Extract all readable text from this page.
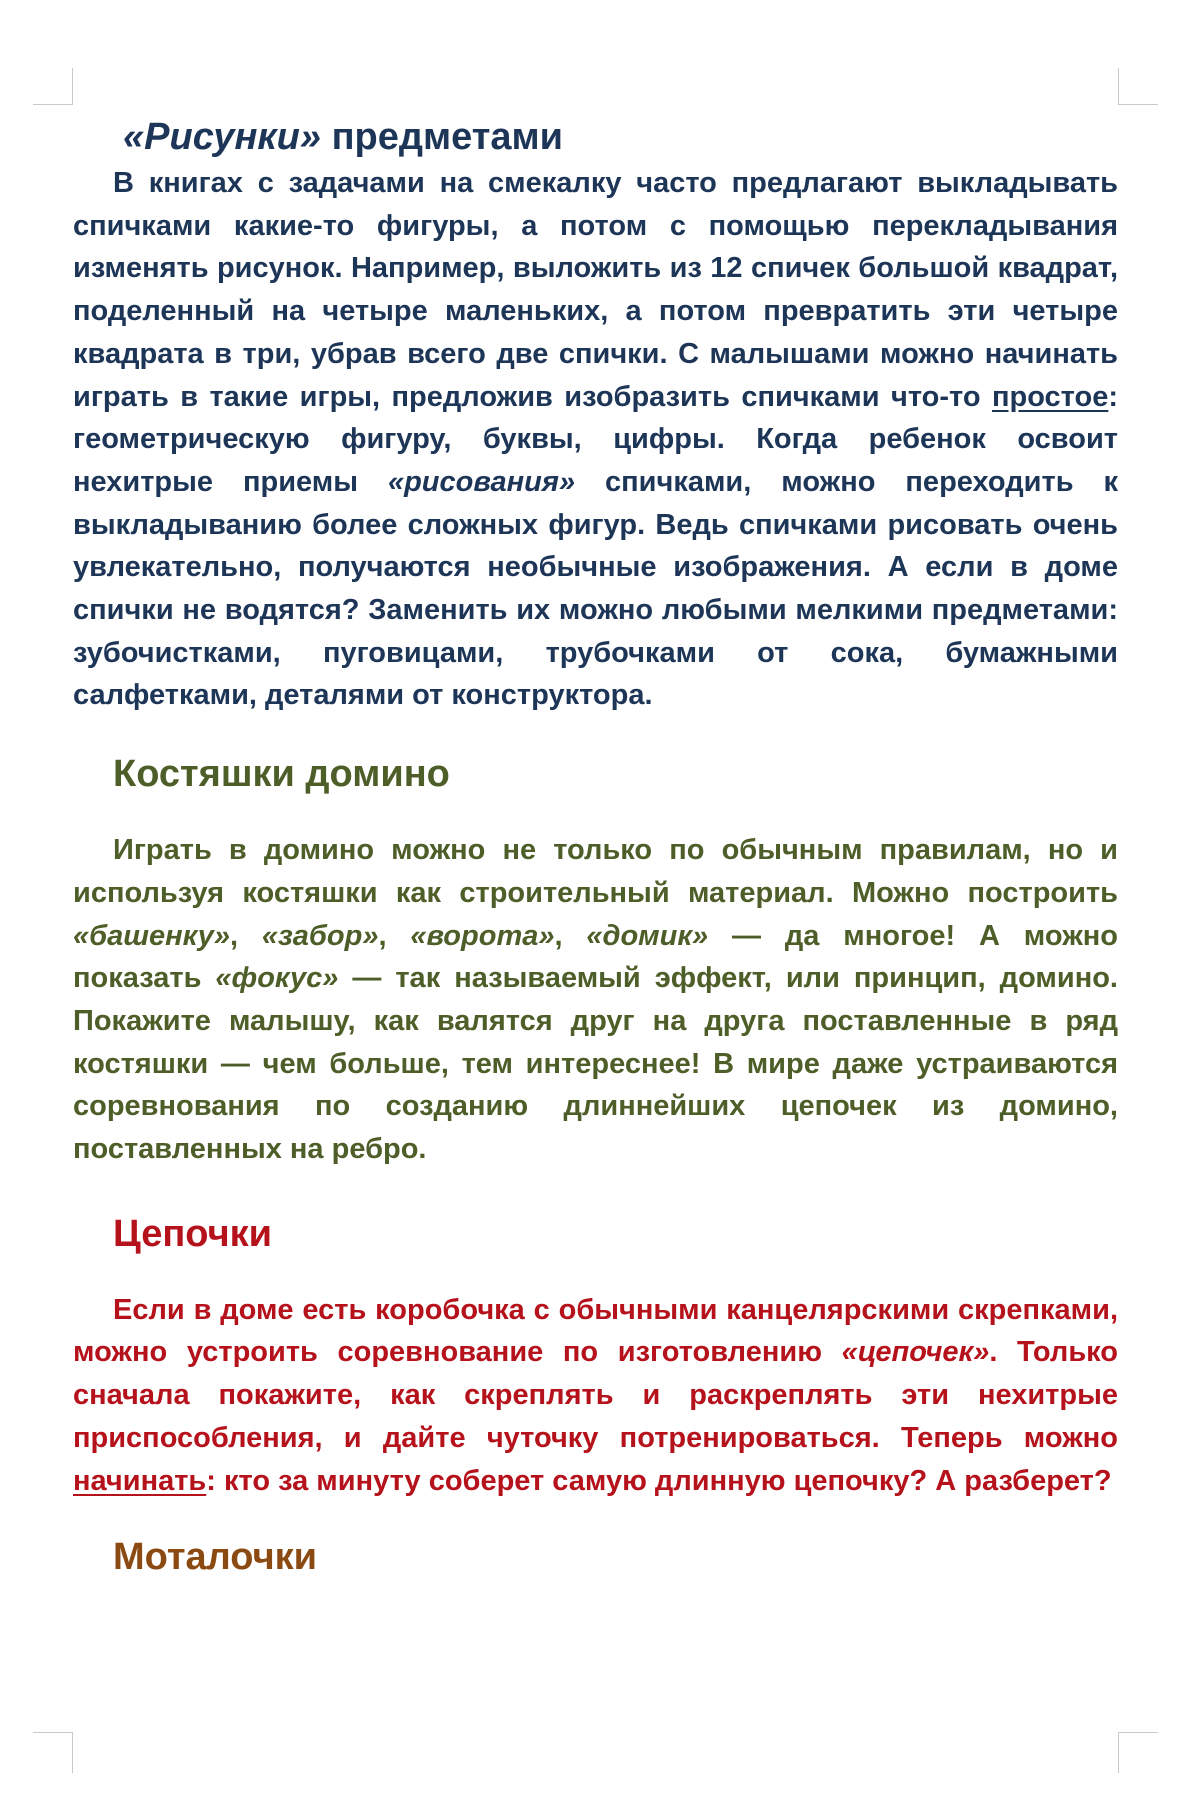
«Рисунки» предметами

В книгах с задачами на смекалку часто предлагают выкладывать спичками какие-то фигуры, а потом с помощью перекладывания изменять рисунок. Например, выложить из 12 спичек большой квадрат, поделенный на четыре маленьких, а потом превратить эти четыре квадрата в три, убрав всего две спички. С малышами можно начинать играть в такие игры, предложив изобразить спичками что-то простое: геометрическую фигуру, буквы, цифры. Когда ребенок освоит нехитрые приемы «рисования» спичками, можно переходить к выкладыванию более сложных фигур. Ведь спичками рисовать очень увлекательно, получаются необычные изображения. А если в доме спички не водятся? Заменить их можно любыми мелкими предметами: зубочистками, пуговицами, трубочками от сока, бумажными салфетками, деталями от конструктора.

Костяшки домино

Играть в домино можно не только по обычным правилам, но и используя костяшки как строительный материал. Можно построить «башенку», «забор», «ворота», «домик» — да многое! А можно показать «фокус» — так называемый эффект, или принцип, домино. Покажите малышу, как валятся друг на друга поставленные в ряд костяшки — чем больше, тем интереснее! В мире даже устраиваются соревнования по созданию длиннейших цепочек из домино, поставленных на ребро.

Цепочки

Если в доме есть коробочка с обычными канцелярскими скрепками, можно устроить соревнование по изготовлению «цепочек». Только сначала покажите, как скреплять и раскреплять эти нехитрые приспособления, и дайте чуточку потренироваться. Теперь можно начинать: кто за минуту соберет самую длинную цепочку? А разберет?

Моталочки
